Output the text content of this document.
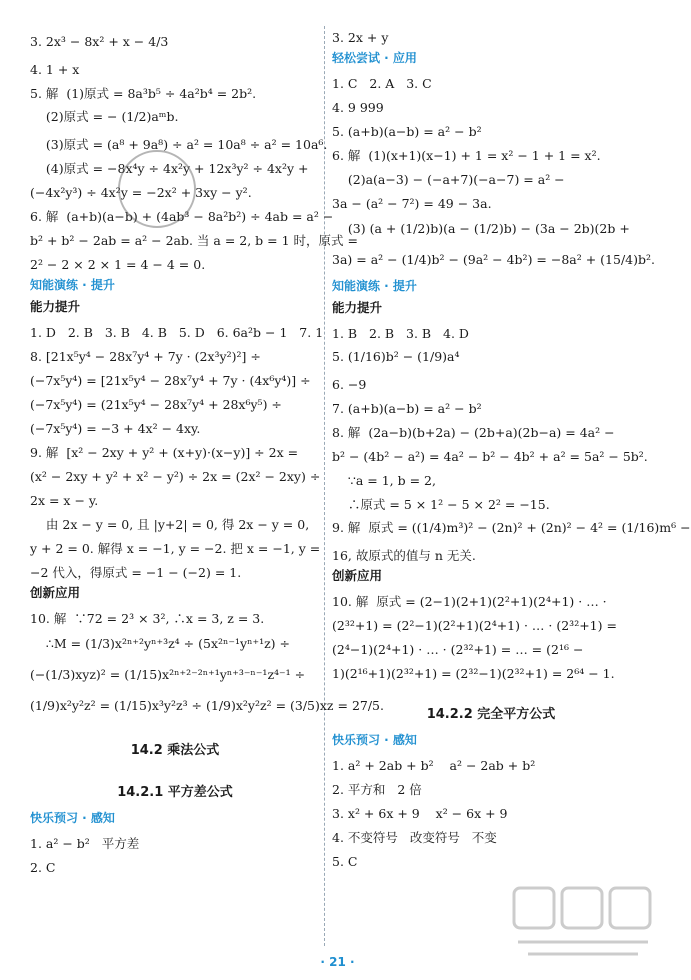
3. 2x³ − 8x² + x − 4/3
4. 1 + x
5. 解  (1)原式 = 8a³b⁵ ÷ 4a²b⁴ = 2b².
(2)原式 = − (1/2)aᵐb.
(3)原式 = (a⁸ + 9a⁸) ÷ a² = 10a⁸ ÷ a² = 10a⁶.
(4)原式 = −8x⁴y ÷ 4x²y + 12x³y² ÷ 4x²y +
(−4x²y³) ÷ 4x²y = −2x² + 3xy − y².
6. 解  (a+b)(a−b) + (4ab³ − 8a²b²) ÷ 4ab = a² −
b² + b² − 2ab = a² − 2ab. 当 a = 2, b = 1 时，原式 =
2² − 2 × 2 × 1 = 4 − 4 = 0.
知能演练 · 提升
能力提升
1. D   2. B   3. B   4. B   5. D   6. 6a²b − 1   7. 1
8. [21x⁵y⁴ − 28x⁷y⁴ + 7y · (2x³y²)²] ÷
(−7x⁵y⁴) = [21x⁵y⁴ − 28x⁷y⁴ + 7y · (4x⁶y⁴)] ÷
(−7x⁵y⁴) = (21x⁵y⁴ − 28x⁷y⁴ + 28x⁶y⁵) ÷
(−7x⁵y⁴) = −3 + 4x² − 4xy.
9. 解  [x² − 2xy + y² + (x+y)·(x−y)] ÷ 2x =
(x² − 2xy + y² + x² − y²) ÷ 2x = (2x² − 2xy) ÷
2x = x − y.
由 2x − y = 0, 且 |y+2| = 0, 得 2x − y = 0,
y + 2 = 0. 解得 x = −1, y = −2. 把 x = −1, y =
−2 代入，得原式 = −1 − (−2) = 1.
创新应用
10. 解  ∵72 = 2³ × 3², ∴x = 3, z = 3.
∴M = (1/3)x²ⁿ⁺²yⁿ⁺³z⁴ ÷ (5x²ⁿ⁻¹yⁿ⁺¹z) ÷
(−(1/3)xyz)² = (1/15)x²ⁿ⁺²⁻²ⁿ⁺¹yⁿ⁺³⁻ⁿ⁻¹z⁴⁻¹ ÷
(1/9)x²y²z² = (1/15)x³y²z³ ÷ (1/9)x²y²z² = (3/5)xz = 27/5.
14.2 乘法公式
14.2.1 平方差公式
快乐预习 · 感知
1. a² − b²   平方差
2. C
3. 2x + y
轻松尝试 · 应用
1. C   2. A   3. C
4. 9 999
5. (a+b)(a−b) = a² − b²
6. 解  (1)(x+1)(x−1) + 1 = x² − 1 + 1 = x².
(2)a(a−3) − (−a+7)(−a−7) = a² −
3a − (a² − 7²) = 49 − 3a.
(3) (a + (1/2)b)(a − (1/2)b) − (3a − 2b)(2b +
3a) = a² − (1/4)b² − (9a² − 4b²) = −8a² + (15/4)b².
知能演练 · 提升
能力提升
1. B   2. B   3. B   4. D
5. (1/16)b² − (1/9)a⁴
6. −9
7. (a+b)(a−b) = a² − b²
8. 解  (2a−b)(b+2a) − (2b+a)(2b−a) = 4a² −
b² − (4b² − a²) = 4a² − b² − 4b² + a² = 5a² − 5b².
∵a = 1, b = 2,
∴原式 = 5 × 1² − 5 × 2² = −15.
9. 解  原式 = ((1/4)m³)² − (2n)² + (2n)² − 4² = (1/16)m⁶ −
16, 故原式的值与 n 无关.
创新应用
10. 解  原式 = (2−1)(2+1)(2²+1)(2⁴+1) · … ·
(2³²+1) = (2²−1)(2²+1)(2⁴+1) · … · (2³²+1) =
(2⁴−1)(2⁴+1) · … · (2³²+1) = … = (2¹⁶ −
1)(2¹⁶+1)(2³²+1) = (2³²−1)(2³²+1) = 2⁶⁴ − 1.
14.2.2 完全平方公式
快乐预习 · 感知
1. a² + 2ab + b²    a² − 2ab + b²
2. 平方和   2 倍
3. x² + 6x + 9    x² − 6x + 9
4. 不变符号   改变符号   不变
5. C
· 21 ·
